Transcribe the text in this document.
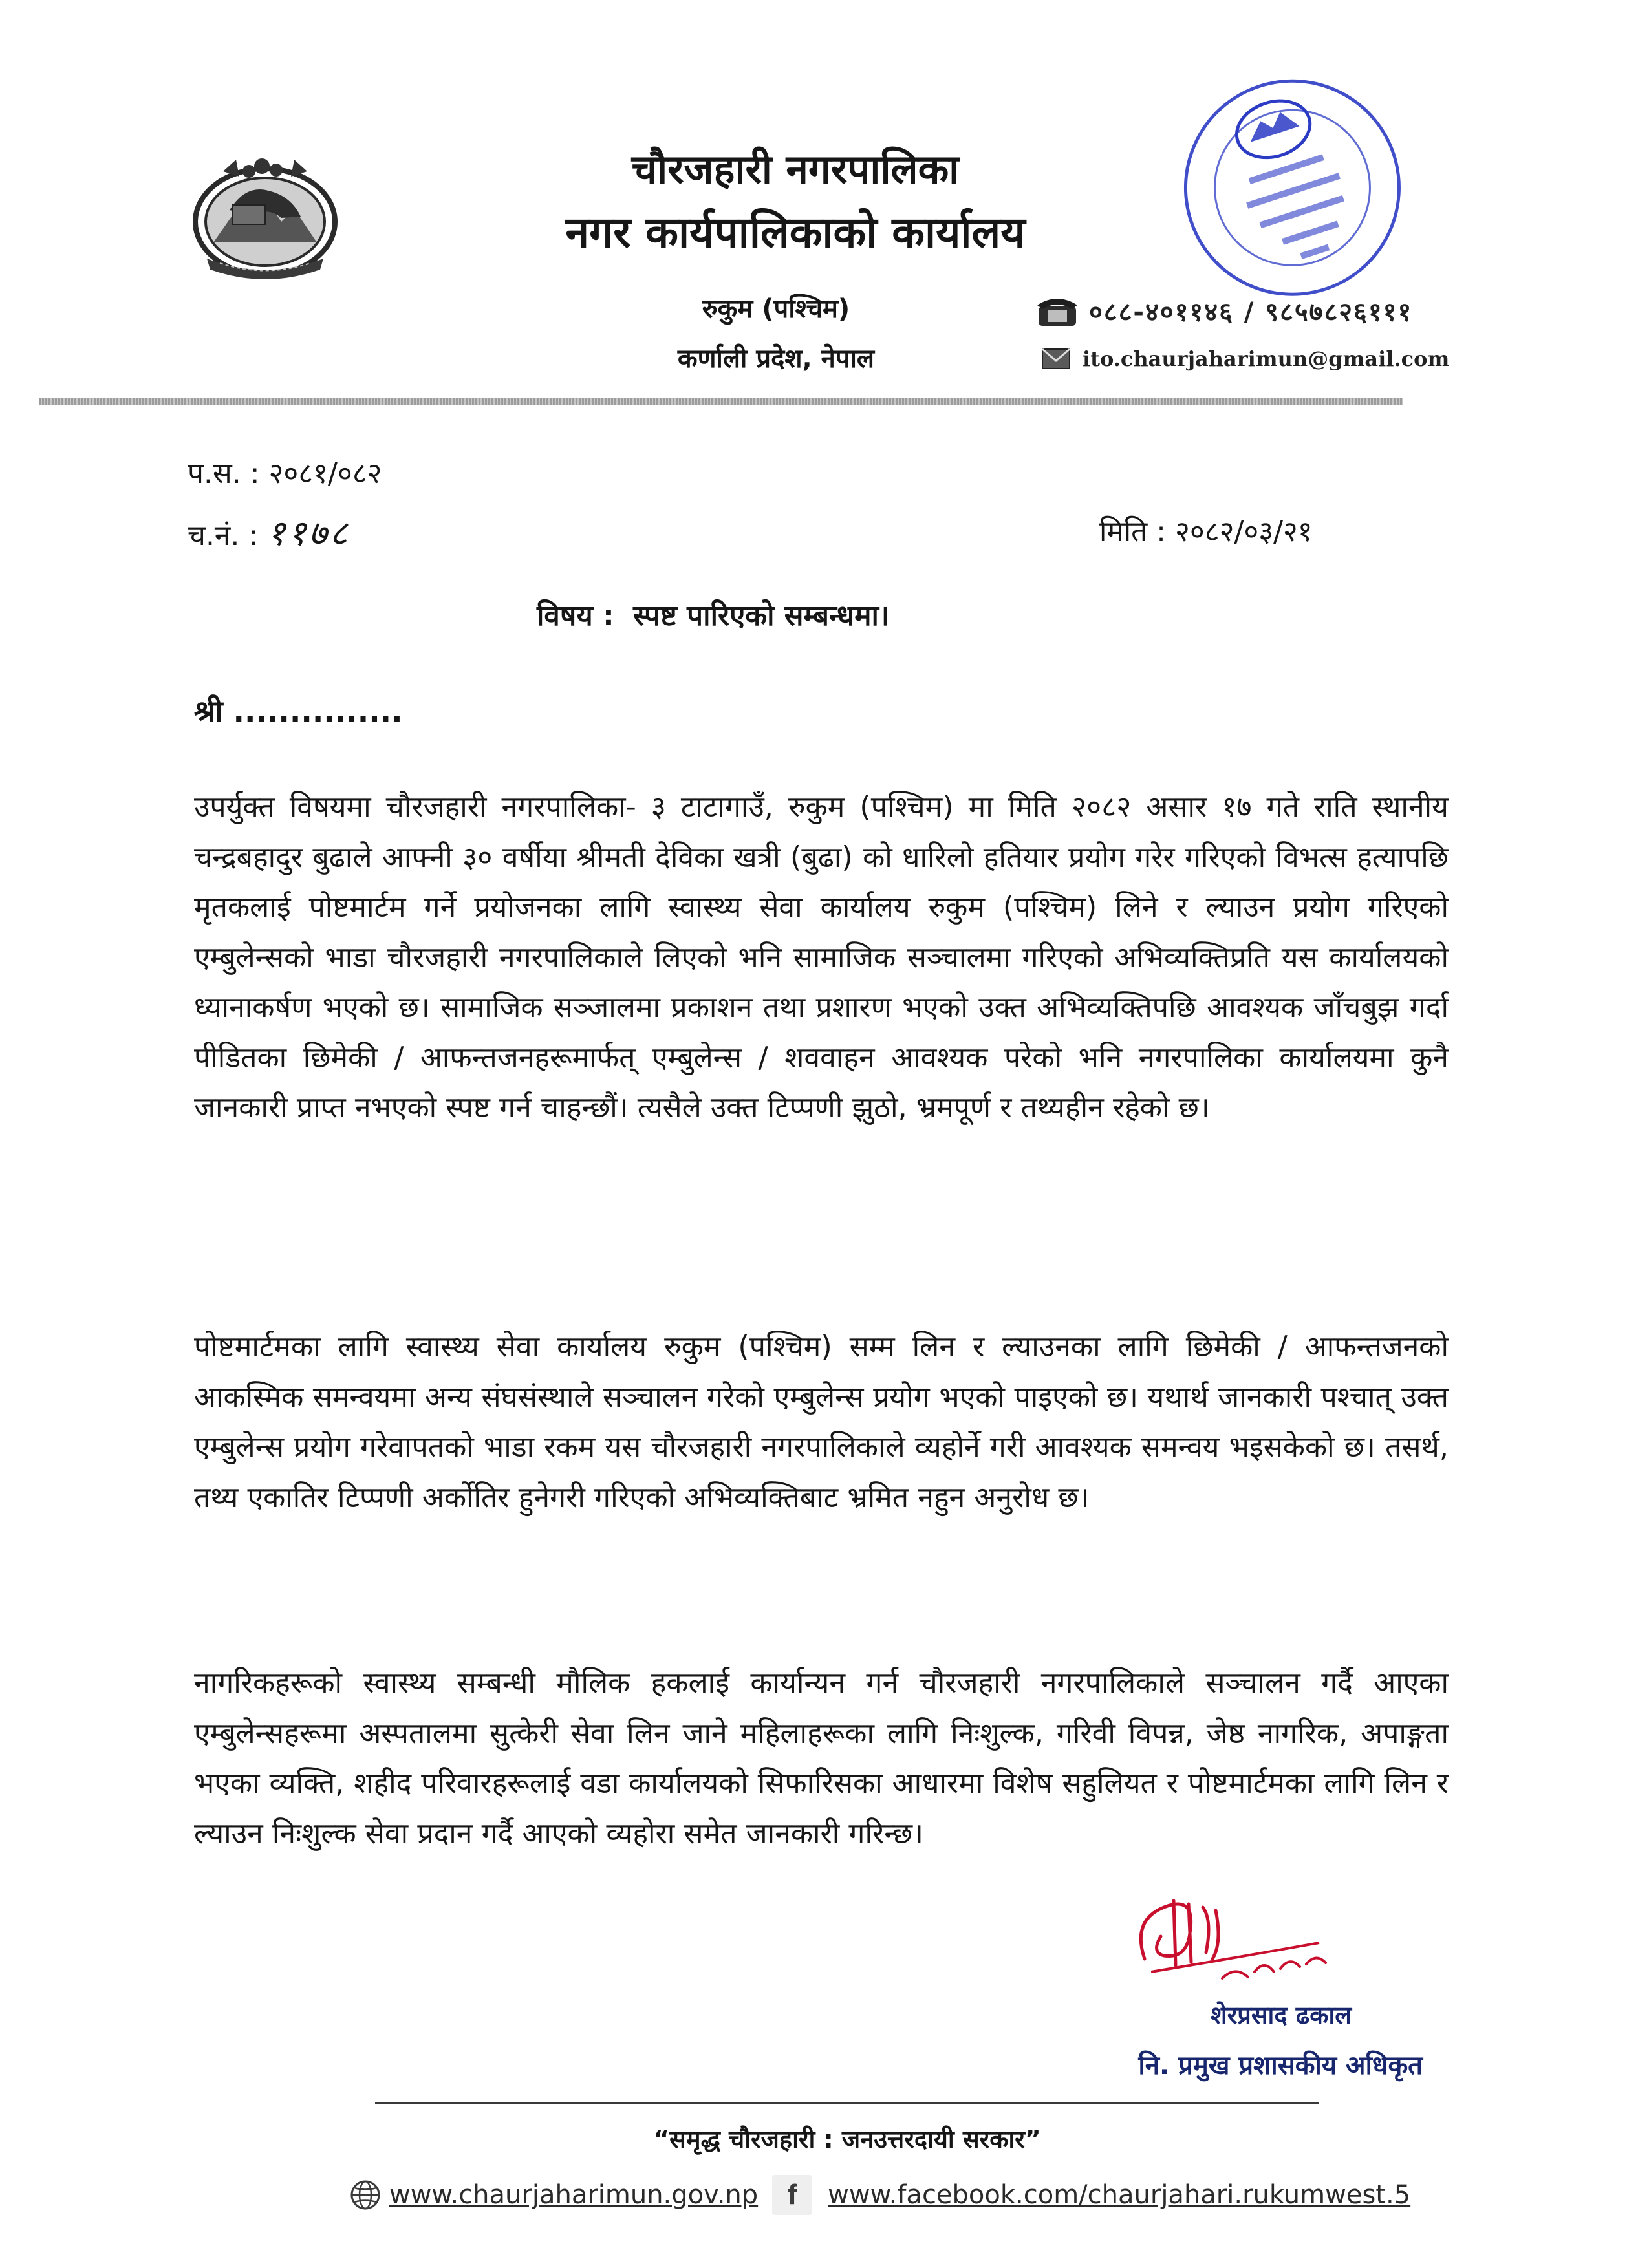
चौरजहारी नगरपालिका
नगर कार्यपालिकाको कार्यालय
रुकुम (पश्चिम)
कर्णाली प्रदेश, नेपाल
०८८-४०११४६ / ९८५७८२६१११
ito.chaurjaharimun@gmail.com
प.स. : २०८१/०८२
च.नं. : ११७८	मिति : २०८२/०३/२१
विषय : स्पष्ट पारिएको सम्बन्धमा।
श्री ...............

उपर्युक्त विषयमा चौरजहारी नगरपालिका- ३ टाटागाउँ, रुकुम (पश्चिम) मा मिति २०८२ असार १७ गते राति स्थानीय चन्द्रबहादुर बुढाले आफ्नी ३० वर्षीया श्रीमती देविका खत्री (बुढा) को धारिलो हतियार प्रयोग गरेर गरिएको विभत्स हत्यापछि मृतकलाई पोष्टमार्टम गर्ने प्रयोजनका लागि स्वास्थ्य सेवा कार्यालय रुकुम (पश्चिम) लिने र ल्याउन प्रयोग गरिएको एम्बुलेन्सको भाडा चौरजहारी नगरपालिकाले लिएको भनि सामाजिक सञ्चालमा गरिएको अभिव्यक्तिप्रति यस कार्यालयको ध्यानाकर्षण भएको छ। सामाजिक सञ्जालमा प्रकाशन तथा प्रशारण भएको उक्त अभिव्यक्तिपछि आवश्यक जाँचबुझ गर्दा पीडितका छिमेकी / आफन्तजनहरूमार्फत् एम्बुलेन्स / शववाहन आवश्यक परेको भनि नगरपालिका कार्यालयमा कुनै जानकारी प्राप्त नभएको स्पष्ट गर्न चाहन्छौं। त्यसैले उक्त टिप्पणी झुठो, भ्रमपूर्ण र तथ्यहीन रहेको छ।

पोष्टमार्टमका लागि स्वास्थ्य सेवा कार्यालय रुकुम (पश्चिम) सम्म लिन र ल्याउनका लागि छिमेकी / आफन्तजनको आकस्मिक समन्वयमा अन्य संघसंस्थाले सञ्चालन गरेको एम्बुलेन्स प्रयोग भएको पाइएको छ। यथार्थ जानकारी पश्चात् उक्त एम्बुलेन्स प्रयोग गरेवापतको भाडा रकम यस चौरजहारी नगरपालिकाले व्यहोर्ने गरी आवश्यक समन्वय भइसकेको छ। तसर्थ, तथ्य एकातिर टिप्पणी अर्कोतिर हुनेगरी गरिएको अभिव्यक्तिबाट भ्रमित नहुन अनुरोध छ।

नागरिकहरूको स्वास्थ्य सम्बन्धी मौलिक हकलाई कार्यान्यन गर्न चौरजहारी नगरपालिकाले सञ्चालन गर्दै आएका एम्बुलेन्सहरूमा अस्पतालमा सुत्केरी सेवा लिन जाने महिलाहरूका लागि निःशुल्क, गरिवी विपन्न, जेष्ठ नागरिक, अपाङ्गता भएका व्यक्ति, शहीद परिवारहरूलाई वडा कार्यालयको सिफारिसका आधारमा विशेष सहुलियत र पोष्टमार्टमका लागि लिन र ल्याउन निःशुल्क सेवा प्रदान गर्दै आएको व्यहोरा समेत जानकारी गरिन्छ।

शेरप्रसाद ढकाल
नि. प्रमुख प्रशासकीय अधिकृत
“समृद्ध चौरजहारी : जनउत्तरदायी सरकार”
www.chaurjaharimun.gov.np f www.facebook.com/chaurjahari.rukumwest.5
